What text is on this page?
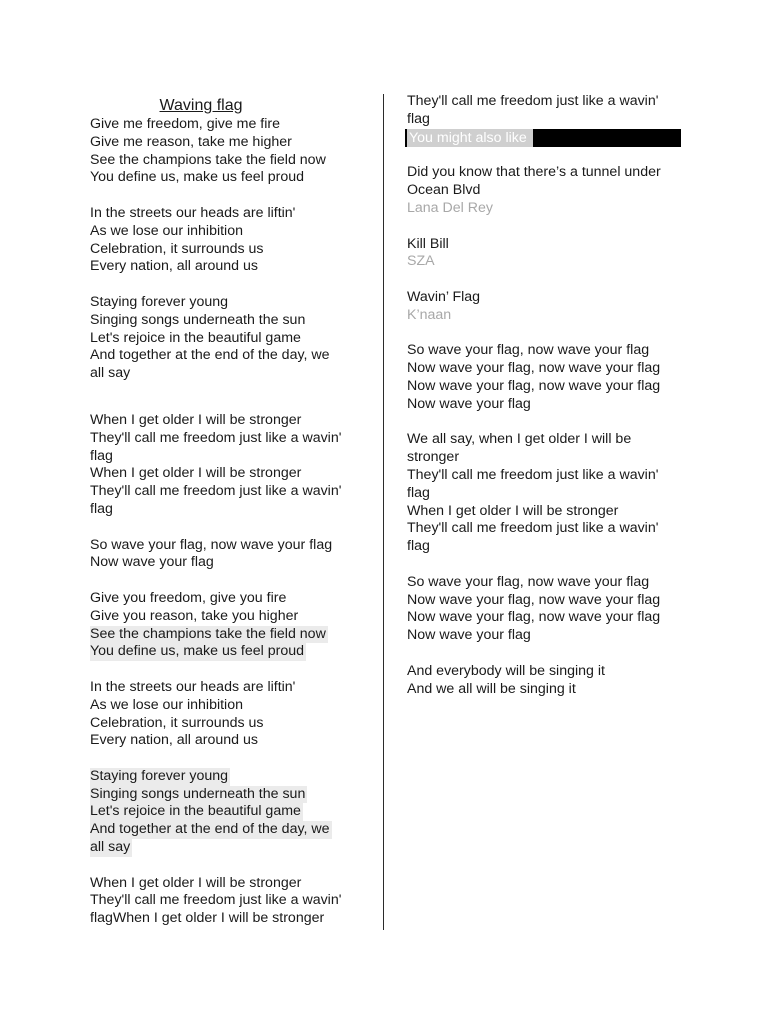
Waving flag
Give me freedom, give me fire
Give me reason, take me higher
See the champions take the field now
You define us, make us feel proud
In the streets our heads are liftin'
As we lose our inhibition
Celebration, it surrounds us
Every nation, all around us
Staying forever young
Singing songs underneath the sun
Let's rejoice in the beautiful game
And together at the end of the day, we
all say
When I get older I will be stronger
They'll call me freedom just like a wavin'
flag
When I get older I will be stronger
They'll call me freedom just like a wavin'
flag
So wave your flag, now wave your flag
Now wave your flag
Give you freedom, give you fire
Give you reason, take you higher
See the champions take the field now
You define us, make us feel proud
In the streets our heads are liftin'
As we lose our inhibition
Celebration, it surrounds us
Every nation, all around us
Staying forever young
Singing songs underneath the sun
Let's rejoice in the beautiful game
And together at the end of the day, we
all say
When I get older I will be stronger
They'll call me freedom just like a wavin'
flagWhen I get older I will be stronger
They'll call me freedom just like a wavin'
flag
You might also like
Did you know that there’s a tunnel under
Ocean Blvd
Lana Del Rey
Kill Bill
SZA
Wavin’ Flag
K’naan
So wave your flag, now wave your flag
Now wave your flag, now wave your flag
Now wave your flag, now wave your flag
Now wave your flag
We all say, when I get older I will be
stronger
They'll call me freedom just like a wavin'
flag
When I get older I will be stronger
They'll call me freedom just like a wavin'
flag
So wave your flag, now wave your flag
Now wave your flag, now wave your flag
Now wave your flag, now wave your flag
Now wave your flag
And everybody will be singing it
And we all will be singing it
